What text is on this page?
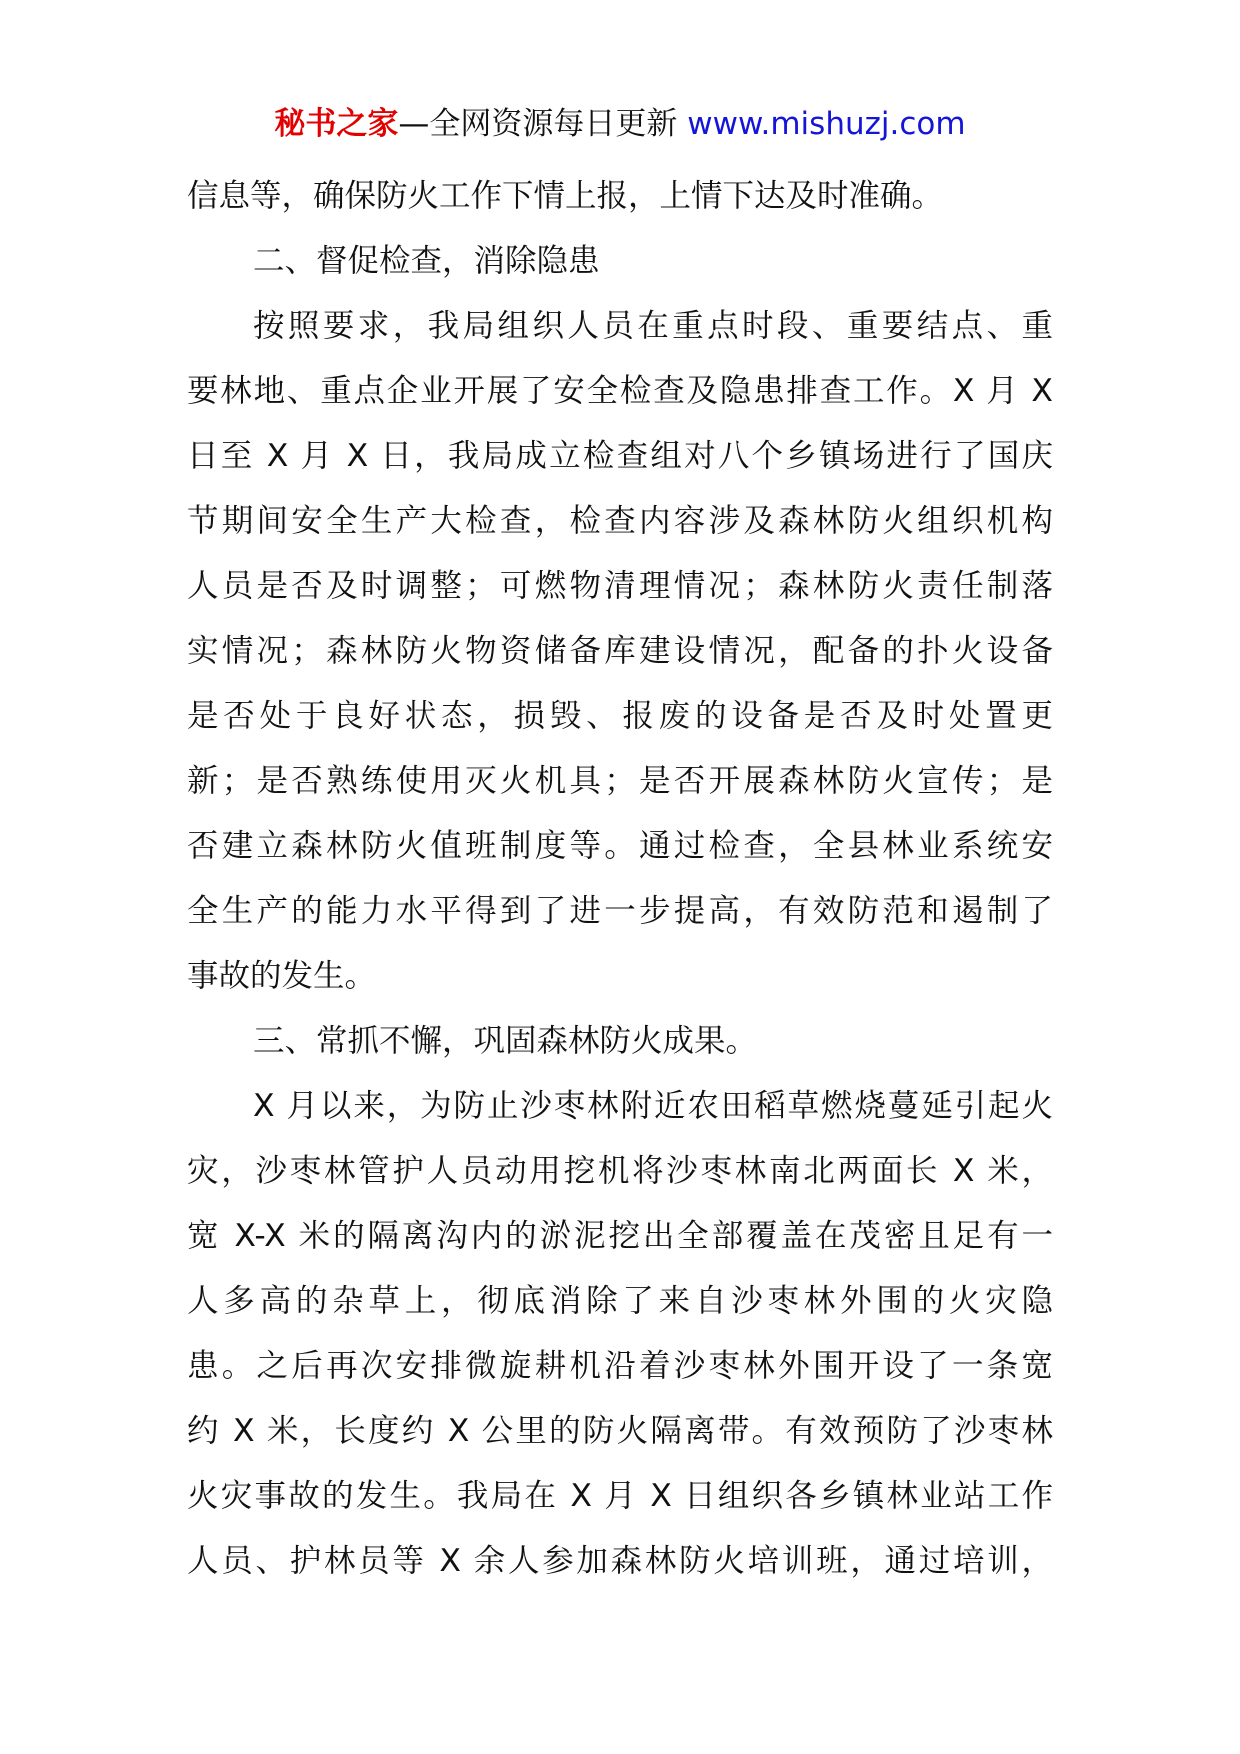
秘书之家—全网资源每日更新 www.mishuzj.com
信息等，确保防火工作下情上报，上情下达及时准确。
二、督促检查，消除隐患
按照要求，我局组织人员在重点时段、重要结点、重
要林地、重点企业开展了安全检查及隐患排查工作。X 月 X
日至 X 月 X 日，我局成立检查组对八个乡镇场进行了国庆
节期间安全生产大检查，检查内容涉及森林防火组织机构
人员是否及时调整；可燃物清理情况；森林防火责任制落
实情况；森林防火物资储备库建设情况，配备的扑火设备
是否处于良好状态，损毁、报废的设备是否及时处置更
新；是否熟练使用灭火机具；是否开展森林防火宣传；是
否建立森林防火值班制度等。通过检查，全县林业系统安
全生产的能力水平得到了进一步提高，有效防范和遏制了
事故的发生。
三、常抓不懈，巩固森林防火成果。
X 月以来，为防止沙枣林附近农田稻草燃烧蔓延引起火
灾，沙枣林管护人员动用挖机将沙枣林南北两面长 X 米，
宽 X-X 米的隔离沟内的淤泥挖出全部覆盖在茂密且足有一
人多高的杂草上，彻底消除了来自沙枣林外围的火灾隐
患。之后再次安排微旋耕机沿着沙枣林外围开设了一条宽
约 X 米，长度约 X 公里的防火隔离带。有效预防了沙枣林
火灾事故的发生。我局在 X 月 X 日组织各乡镇林业站工作
人员、护林员等 X 余人参加森林防火培训班，通过培训，
